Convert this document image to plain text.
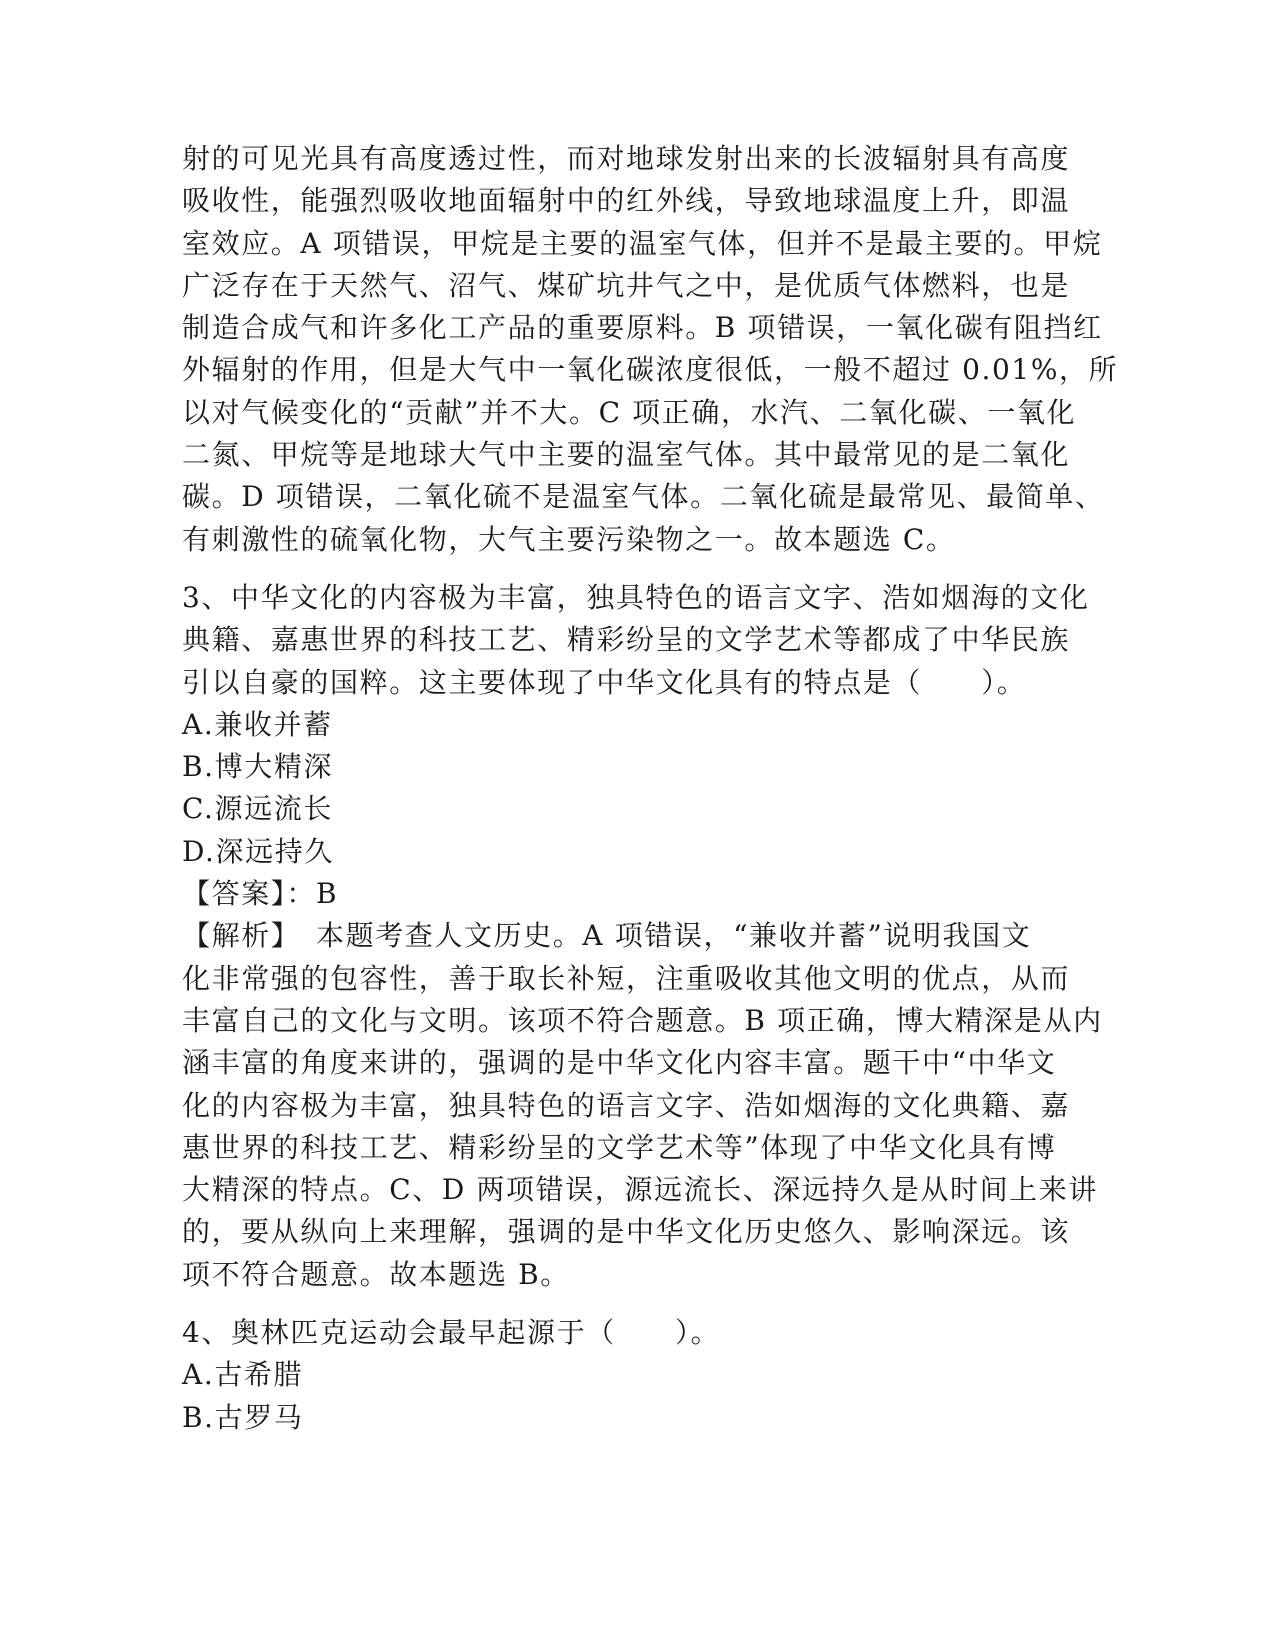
射的可见光具有高度透过性，而对地球发射出来的长波辐射具有高度
吸收性，能强烈吸收地面辐射中的红外线，导致地球温度上升，即温
室效应。A 项错误，甲烷是主要的温室气体，但并不是最主要的。甲烷
广泛存在于天然气、沼气、煤矿坑井气之中，是优质气体燃料，也是
制造合成气和许多化工产品的重要原料。B 项错误，一氧化碳有阻挡红
外辐射的作用，但是大气中一氧化碳浓度很低，一般不超过 0.01%，所
以对气候变化的“贡献”并不大。C 项正确，水汽、二氧化碳、一氧化
二氮、甲烷等是地球大气中主要的温室气体。其中最常见的是二氧化
碳。D 项错误，二氧化硫不是温室气体。二氧化硫是最常见、最简单、
有刺激性的硫氧化物，大气主要污染物之一。故本题选 C。
3、中华文化的内容极为丰富，独具特色的语言文字、浩如烟海的文化
典籍、嘉惠世界的科技工艺、精彩纷呈的文学艺术等都成了中华民族
引以自豪的国粹。这主要体现了中华文化具有的特点是（　　）。
A.兼收并蓄
B.博大精深
C.源远流长
D.深远持久
【答案】：B
【解析】　本题考查人文历史。A 项错误，“兼收并蓄”说明我国文
化非常强的包容性，善于取长补短，注重吸收其他文明的优点，从而
丰富自己的文化与文明。该项不符合题意。B 项正确，博大精深是从内
涵丰富的角度来讲的，强调的是中华文化内容丰富。题干中“中华文
化的内容极为丰富，独具特色的语言文字、浩如烟海的文化典籍、嘉
惠世界的科技工艺、精彩纷呈的文学艺术等”体现了中华文化具有博
大精深的特点。C、D 两项错误，源远流长、深远持久是从时间上来讲
的，要从纵向上来理解，强调的是中华文化历史悠久、影响深远。该
项不符合题意。故本题选 B。
4、奥林匹克运动会最早起源于（　　）。
A.古希腊
B.古罗马
